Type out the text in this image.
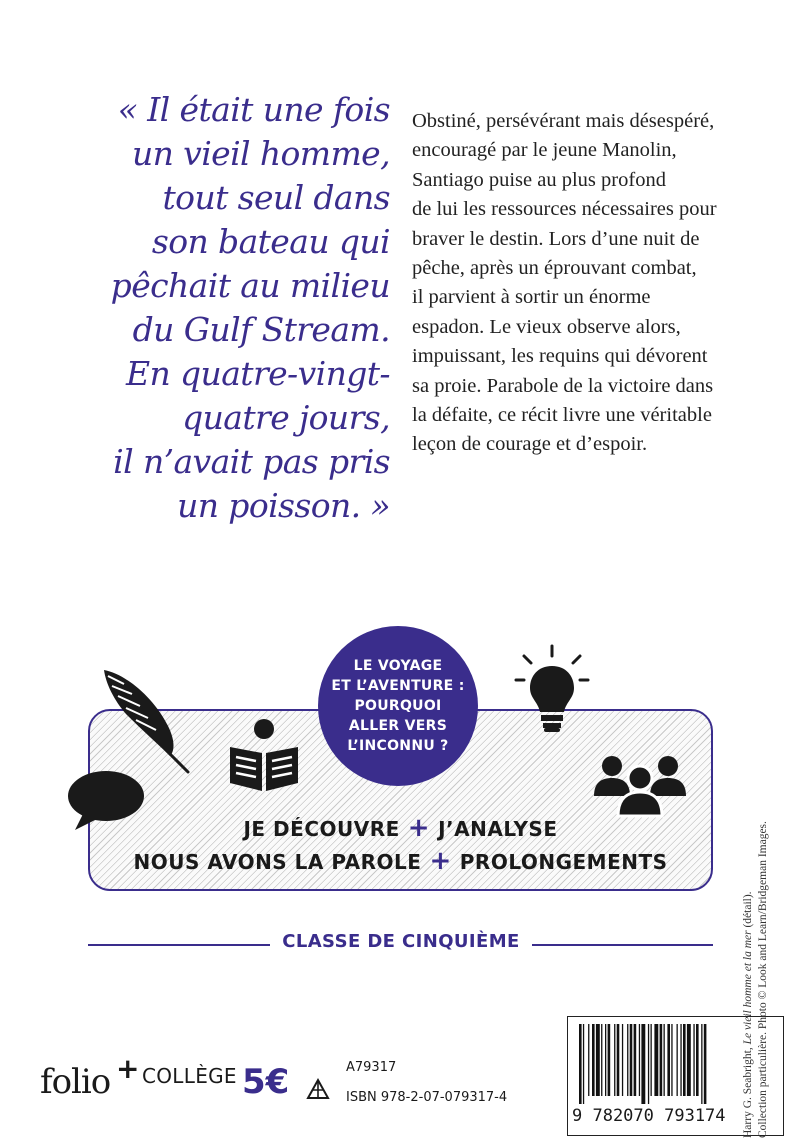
« Il était une fois
un vieil homme,
tout seul dans
son bateau qui
pêchait au milieu
du Gulf Stream.
En quatre-vingt-
quatre jours,
il n’avait pas pris
un poisson. »
Obstiné, persévérant mais désespéré,
encouragé par le jeune Manolin,
Santiago puise au plus profond
de lui les ressources nécessaires pour
braver le destin. Lors d’une nuit de
pêche, après un éprouvant combat,
il parvient à sortir un énorme
espadon. Le vieux observe alors,
impuissant, les requins qui dévorent
sa proie. Parabole de la victoire dans
la défaite, ce récit livre une véritable
leçon de courage et d’espoir.
LE VOYAGE
ET L’AVENTURE :
POURQUOI
ALLER VERS
L’INCONNU ?
JE DÉCOUVRE + J’ANALYSE
NOUS AVONS LA PAROLE + PROLONGEMENTS
CLASSE DE CINQUIÈME
folio + COLLÈGE 5€	A79317
ISBN 978-2-07-079317-4
9 782070 793174 Harry G. Seabright, Le vieil homme et la mer (détail). Collection particulière. Photo © Look and Learn/Bridgeman Images.
